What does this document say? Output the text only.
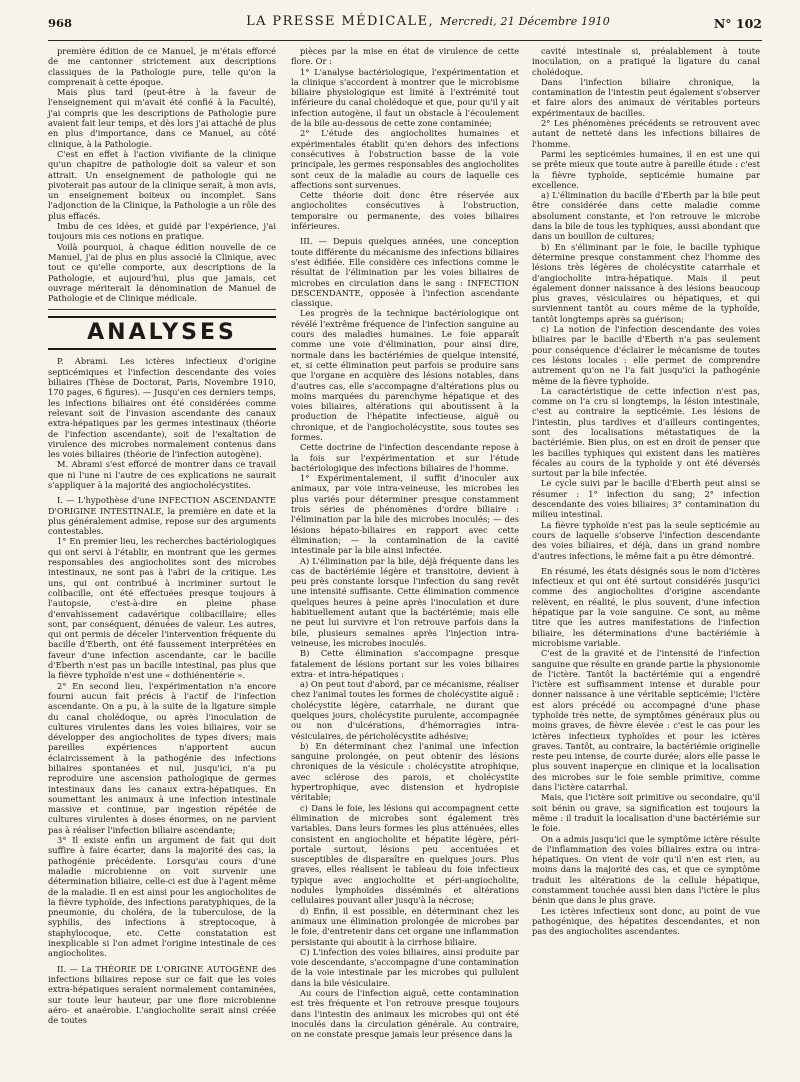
968	LA PRESSE MÉDICALE, Mercredi, 21 Décembre 1910	N° 102

première édition de ce Manuel, je m'étais efforcé de me cantonner strictement aux descriptions classiques de la Pathologie pure, telle qu'on la comprenait à cette époque.

Mais plus tard (peut-être à la faveur de l'enseignement qui m'avait été confié à la Faculté), j'ai compris que les descriptions de Pathologie pure avaient fait leur temps, et dès lors j'ai attaché de plus en plus d'importance, dans ce Manuel, au côté clinique, à la Pathologie.

C'est en effet à l'action vivifiante de la clinique qu'un chapitre de pathologie doit sa valeur et son attrait. Un enseignement de pathologie qui ne pivoterait pas autour de la clinique serait, à mon avis, un enseignement boiteux ou incomplet. Sans l'adjonction de la Clinique, la Pathologie a un rôle des plus effacés.

Imbu de ces idées, et guidé par l'expérience, j'ai toujours mis ces notions en pratique.

Voilà pourquoi, à chaque édition nouvelle de ce Manuel, j'ai de plus en plus associé la Clinique, avec tout ce qu'elle comporte, aux descriptions de la Pathologie, et aujourd'hui, plus que jamais, cet ouvrage mériterait la dénomination de Manuel de Pathologie et de Clinique médicale.

ANALYSES

P. Abrami. Les ictères infectieux d'origine septicémiques et l'infection descendante des voies biliaires (Thèse de Doctorat, Paris, Novembre 1910, 170 pages, 6 figures). — Jusqu'en ces derniers temps, les infections biliaires ont été considérées comme relevant soit de l'invasion ascendante des canaux extra-hépatiques par les germes intestinaux (théorie de l'infection ascendante), soit de l'exaltation de virulence des microbes normalement contenus dans les voies biliaires (théorie de l'infection autogène).

M. Abrami s'est efforcé de montrer dans ce travail que ni l'une ni l'autre de ces explications ne saurait s'appliquer à la majorité des angiocholécystites.

I. — L'hypothèse d'une INFECTION ASCENDANTE D'ORIGINE INTESTINALE, la première en date et la plus généralement admise, repose sur des arguments contestables.

1° En premier lieu, les recherches bactériologiques qui ont servi à l'établir, en montrant que les germes responsables des angiocholites sont des microbes intestinaux, ne sont pas à l'abri de la critique. Les uns, qui ont contribué à incriminer surtout le colibacille, ont été effectuées presque toujours à l'autopsie, c'est-à-dire en pleine phase d'envahissement cadavérique colibacillaire; elles sont, par conséquent, dénuées de valeur. Les autres, qui ont permis de déceler l'intervention fréquente du bacille d'Eberth, ont été faussement interprétées en faveur d'une infection ascendante, car le bacille d'Eberth n'est pas un bacille intestinal, pas plus que la fièvre typhoïde n'est une « dothiénentérie ».

2° En second lieu, l'expérimentation n'a encore fourni aucun fait précis à l'actif de l'infection ascendante. On a pu, à la suite de la ligature simple du canal cholédoque, ou après l'inoculation de cultures virulentes dans les voies biliaires, voir se développer des angiocholites de types divers; mais pareilles expériences n'apportent aucun éclaircissement à la pathogénie des infections biliaires spontanées et nul, jusqu'ici, n'a pu reproduire une ascension pathologique de germes intestinaux dans les canaux extra-hépatiques. En soumettant les animaux à une infection intestinale massive et continue, par ingestion répétée de cultures virulentes à doses énormes, on ne parvient pas à réaliser l'infection biliaire ascendante;

3° Il existe enfin un argument de fait qui doit suffire à faire écarter, dans la majorité des cas, la pathogénie précédente. Lorsqu'au cours d'une maladie microbienne on voit survenir une détermination biliaire, celle-ci est due à l'agent même de la maladie. Il en est ainsi pour les angiocholites de la fièvre typhoïde, des infections paratyphiques, de la pneumonie, du choléra, de la tuberculose, de la syphilis, des infections à streptocoque, à staphylocoque, etc. Cette constatation est inexplicable si l'on admet l'origine intestinale de ces angiocholites.

II. — La THÉORIE DE L'ORIGINE AUTOGÈNE des infections biliaires repose sur ce fait que les voies extra-hépatiques seraient normalement contaminées, sur toute leur hauteur, par une flore microbienne aéro- et anaérobie. L'angiocholite serait ainsi créée de toutes

pièces par la mise en état de virulence de cette flore. Or :

1° L'analyse bactériologique, l'expérimentation et la clinique s'accordent à montrer que le microbisme biliaire physiologique est limité à l'extrémité tout inférieure du canal cholédoque et que, pour qu'il y ait infection autogène, il faut un obstacle à l'écoulement de la bile au-dessous de cette zone contaminée;

2° L'étude des angiocholites humaines et expérimentales établit qu'en dehors des infections consécutives à l'obstruction basse de la voie principale, les germes responsables des angiocholites sont ceux de la maladie au cours de laquelle ces affections sont survenues.

Cette théorie doit donc être réservée aux angiocholites consécutives à l'obstruction, temporaire ou permanente, des voies biliaires inférieures.

III. — Depuis quelques années, une conception toute différente du mécanisme des infections biliaires s'est édifiée. Elle considère ces infections comme le résultat de l'élimination par les voies biliaires de microbes en circulation dans le sang : INFECTION DESCENDANTE, opposée à l'infection ascendante classique.

Les progrès de la technique bactériologique ont révélé l'extrême fréquence de l'infection sanguine au cours des maladies humaines. Le foie apparaît comme une voie d'élimination, pour ainsi dire, normale dans les bactériémies de quelque intensité, et, si cette élimination peut parfois se produire sans que l'organe en acquière des lésions notables, dans d'autres cas, elle s'accompagne d'altérations plus ou moins marquées du parenchyme hépatique et des voies biliaires, altérations qui aboutissent à la production de l'hépatite infectieuse, aiguë ou chronique, et de l'angiocholécystite, sous toutes ses formes.

Cette doctrine de l'infection descendante repose à la fois sur l'expérimentation et sur l'étude bactériologique des infections biliaires de l'homme.

1° Expérimentalement, il suffit d'inoculer aux animaux, par voie intra-veineuse, les microbes les plus variés pour déterminer presque constamment trois séries de phénomènes d'ordre biliaire : l'élimination par la bile des microbes inoculés; — des lésions hépato-biliaires en rapport avec cette élimination; — la contamination de la cavité intestinale par la bile ainsi infectée.

A) L'élimination par la bile, déjà fréquente dans les cas de bactériémie légère et transitoire, devient à peu près constante lorsque l'infection du sang revêt une intensité suffisante. Cette élimination commence quelques heures à peine après l'inoculation et dure habituellement autant que la bactériémie; mais elle ne peut lui survivre et l'on retrouve parfois dans la bile, plusieurs semaines après l'injection intra-veineuse, les microbes inoculés.

B) Cette élimination s'accompagne presque fatalement de lésions portant sur les voies biliaires extra- et intra-hépatiques :

a) On peut tout d'abord, par ce mécanisme, réaliser chez l'animal toutes les formes de cholécystite aiguë : cholécystite légère, catarrhale, ne durant que quelques jours, cholécystite purulente, accompagnée ou non d'ulcérations, d'hémorragies intra-vésiculaires, de péricholécystite adhésive;

b) En déterminant chez l'animal une infection sanguine prolongée, on peut obtenir des lésions chroniques de la vésicule : cholécystite atrophique, avec sclérose des parois, et cholécystite hypertrophique, avec distension et hydropisie véritable;

c) Dans le foie, les lésions qui accompagnent cette élimination de microbes sont également très variables. Dans leurs formes les plus atténuées, elles consistent en angiocholite et hépatite légère, péri-portale surtout, lésions peu accentuées et susceptibles de disparaître en quelques jours. Plus graves, elles réalisent le tableau du foie infectieux typique avec angiocholite et péri-angiocholite, nodules lymphoïdes disséminés et altérations cellulaires pouvant aller jusqu'à la nécrose;

d) Enfin, il est possible, en déterminant chez les animaux une élimination prolongée de microbes par le foie, d'entretenir dans cet organe une inflammation persistante qui aboutit à la cirrhose biliaire.

C) L'infection des voies biliaires, ainsi produite par voie descendante, s'accompagne d'une contamination de la voie intestinale par les microbes qui pullulent dans la bile vésiculaire.

Au cours de l'infection aiguë, cette contamination est très fréquente et l'on retrouve presque toujours dans l'intestin des animaux les microbes qui ont été inoculés dans la circulation générale. Au contraire, on ne constate presque jamais leur présence dans la

cavité intestinale si, préalablement à toute inoculation, on a pratiqué la ligature du canal cholédoque.

Dans l'infection biliaire chronique, la contamination de l'intestin peut également s'observer et faire alors des animaux de véritables porteurs expérimentaux de bacilles.

2° Les phénomènes précédents se retrouvent avec autant de netteté dans les infections biliaires de l'homme.

Parmi les septicémies humaines, il en est une qui se prête mieux que toute autre à pareille étude : c'est la fièvre typhoïde, septicémie humaine par excellence.

a) L'élimination du bacille d'Eberth par la bile peut être considérée dans cette maladie comme absolument constante, et l'on retrouve le microbe dans la bile de tous les typhiques, aussi abondant que dans un bouillon de cultures;

b) En s'éliminant par le foie, le bacille typhique détermine presque constamment chez l'homme des lésions très légères de cholécystite catarrhale et d'angiocholite intra-hépatique. Mais il peut également donner naissance à des lésions beaucoup plus graves, vésiculaires ou hépatiques, et qui surviennent tantôt au cours même de la typhoïde, tantôt longtemps après sa guérison;

c) La notion de l'infection descendante des voies biliaires par le bacille d'Eberth n'a pas seulement pour conséquence d'éclairer le mécanisme de toutes ces lésions locales : elle permet de comprendre autrement qu'on ne l'a fait jusqu'ici la pathogénie même de la fièvre typhoïde.

La caractéristique de cette infection n'est pas, comme on l'a cru si longtemps, la lésion intestinale, c'est au contraire la septicémie. Les lésions de l'intestin, plus tardives et d'ailleurs contingentes, sont des localisations métastatiques de la bactériémie. Bien plus, on est en droit de penser que les bacilles typhiques qui existent dans les matières fécales au cours de la typhoïde y ont été déversés surtout par la bile infectée.

Le cycle suivi par le bacille d'Eberth peut ainsi se résumer : 1° infection du sang; 2° infection descendante des voies biliaires; 3° contamination du milieu intestinal.

La fièvre typhoïde n'est pas la seule septicémie au cours de laquelle s'observe l'infection descendante des voies biliaires, et déjà, dans un grand nombre d'autres infections, le même fait a pu être démontré.

En résumé, les états désignés sous le nom d'ictères infectieux et qui ont été surtout considérés jusqu'ici comme des angiocholites d'origine ascendante relèvent, en réalité, le plus souvent, d'une infection hépatique par la voie sanguine. Ce sont, au même titre que les autres manifestations de l'infection biliaire, les déterminations d'une bactériémie à microbisme variable.

C'est de la gravité et de l'intensité de l'infection sanguine que résulte en grande partie la physionomie de l'ictère. Tantôt la bactériémie qui a engendré l'ictère est suffisamment intense et durable pour donner naissance à une véritable septicémie; l'ictère est alors précédé ou accompagné d'une phase typhoïde très nette, de symptômes généraux plus ou moins graves, de fièvre élevée : c'est le cas pour les ictères infectieux typhoïdes et pour les ictères graves. Tantôt, au contraire, la bactériémie originelle reste peu intense, de courte durée; alors elle passe le plus souvent inaperçue en clinique et la localisation des microbes sur le foie semble primitive, comme dans l'ictère catarrhal.

Mais, que l'ictère soit primitive ou secondaire, qu'il soit bénin ou grave, sa signification est toujours la même : il traduit la localisation d'une bactériémie sur le foie.

On a admis jusqu'ici que le symptôme ictère résulte de l'inflammation des voies biliaires extra ou intra-hépatiques. On vient de voir qu'il n'en est rien, au moins dans la majorité des cas, et que ce symptôme traduit les altérations de la cellule hépatique, constamment touchée aussi bien dans l'ictère le plus bénin que dans le plus grave.

Les ictères infectieux sont donc, au point de vue pathogénique, des hépatites descendantes, et non pas des angiocholites ascendantes.
